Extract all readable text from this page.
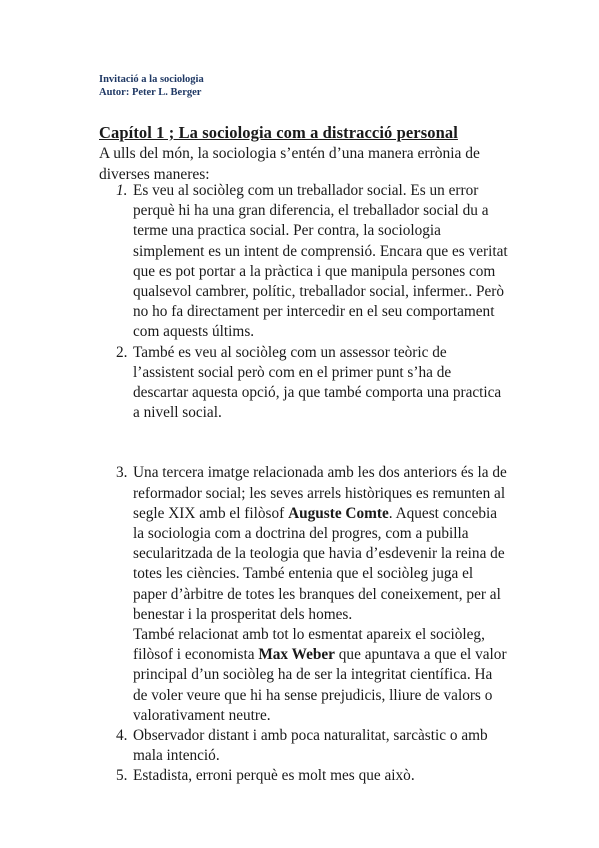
Invitació a la sociologia
Autor: Peter L. Berger
Capítol 1 ; La sociologia com a distracció personal
A ulls del món, la sociologia s’entén d’una manera errònia de diverses maneres:
1. Es veu al sociòleg com un treballador social. Es un error perquè hi ha una gran diferencia, el treballador social du a terme una practica social. Per contra, la sociologia simplement es un intent de comprensió. Encara que es veritat que es pot portar a la pràctica i que manipula persones com qualsevol cambrer, polític, treballador social, infermer.. Però no ho fa directament per intercedir en el seu comportament com aquests últims.
2. També es veu al sociòleg com un assessor teòric de l’assistent social però com en el primer punt s’ha de descartar aquesta opció, ja que també comporta una practica a nivell social.
3. Una tercera imatge relacionada amb les dos anteriors és la de reformador social; les seves arrels històriques es remunten al segle XIX amb el filòsof Auguste Comte. Aquest concebia la sociologia com a doctrina del progres, com a pubilla secularitzada de la teologia que havia d’esdevenir la reina de totes les ciències. També entenia que el sociòleg juga el paper d’àrbitre de totes les branques del coneixement, per al benestar i la prosperitat dels homes.
També relacionat amb tot lo esmentat apareix el sociòleg, filòsof i economista Max Weber que apuntava a que el valor principal d’un sociòleg ha de ser la integritat científica. Ha de voler veure que hi ha sense prejudicis, lliure de valors o valorativament neutre.
4. Observador distant i amb poca naturalitat, sarcàstic o amb mala intenció.
5. Estadista, erroni perquè es molt mes que això.
